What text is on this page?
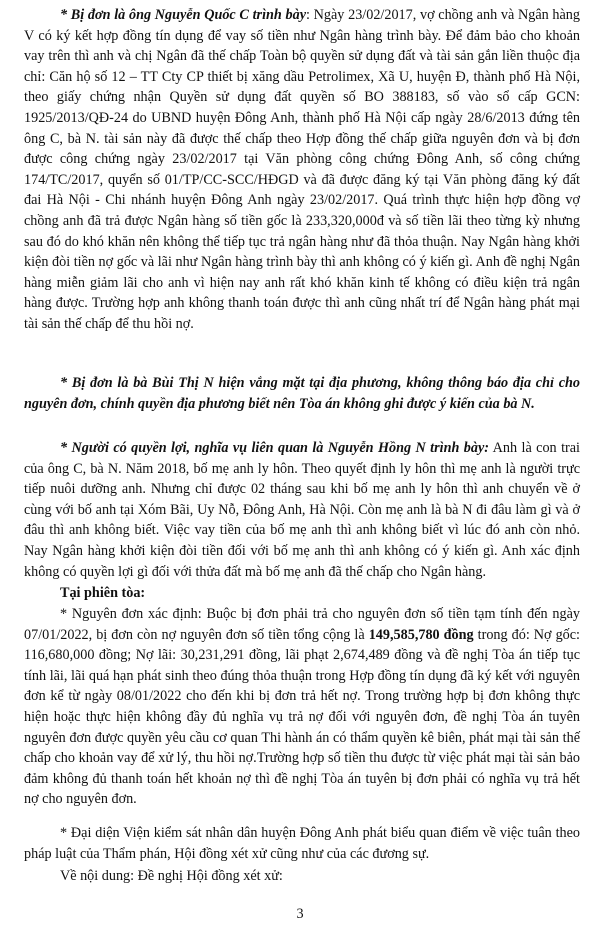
* Bị đơn là ông Nguyễn Quốc C trình bày: Ngày 23/02/2017, vợ chồng anh và Ngân hàng V có ký kết hợp đồng tín dụng để vay số tiền như Ngân hàng trình bày. Để đảm bảo cho khoản vay trên thì anh và chị Ngân đã thế chấp Toàn bộ quyền sử dụng đất và tài sản gắn liền thuộc địa chỉ: Căn hộ số 12 – TT Cty CP thiết bị xăng dầu Petrolimex, Xã U, huyện Đ, thành phố Hà Nội, theo giấy chứng nhận Quyền sử dụng đất quyền số BO 388183, số vào sổ cấp GCN: 1925/2013/QĐ-24 do UBND huyện Đông Anh, thành phố Hà Nội cấp ngày 28/6/2013 đứng tên ông C, bà N. tài sản này đã được thế chấp theo Hợp đồng thế chấp giữa nguyên đơn và bị đơn được công chứng ngày 23/02/2017 tại Văn phòng công chứng Đông Anh, số công chứng 174/TC/2017, quyển số 01/TP/CC-SCC/HĐGD và đã được đăng ký tại Văn phòng đăng ký đất đai Hà Nội - Chi nhánh huyện Đông Anh ngày 23/02/2017. Quá trình thực hiện hợp đồng vợ chồng anh đã trả được Ngân hàng số tiền gốc là 233,320,000đ và số tiền lãi theo từng kỳ nhưng sau đó do khó khăn nên không thể tiếp tục trả ngân hàng như đã thỏa thuận. Nay Ngân hàng khởi kiện đòi tiền nợ gốc và lãi như Ngân hàng trình bày thì anh không có ý kiến gì. Anh đề nghị Ngân hàng miễn giảm lãi cho anh vì hiện nay anh rất khó khăn kinh tế không có điều kiện trả ngân hàng được. Trường hợp anh không thanh toán được thì anh cũng nhất trí để Ngân hàng phát mại tài sản thế chấp để thu hồi nợ.

* Bị đơn là bà Bùi Thị N hiện vắng mặt tại địa phương, không thông báo địa chỉ cho nguyên đơn, chính quyền địa phương biết nên Tòa án không ghi được ý kiến của bà N.

* Người có quyền lợi, nghĩa vụ liên quan là Nguyễn Hồng N trình bày: Anh là con trai của ông C, bà N. Năm 2018, bố mẹ anh ly hôn. Theo quyết định ly hôn thì mẹ anh là người trực tiếp nuôi dưỡng anh. Nhưng chỉ được 02 tháng sau khi bố mẹ anh ly hôn thì anh chuyển về ở cùng với bố anh tại Xóm Bãi, Uy Nỗ, Đông Anh, Hà Nội. Còn mẹ anh là bà N đi đâu làm gì và ở đâu thì anh không biết. Việc vay tiền của bố mẹ anh thì anh không biết vì lúc đó anh còn nhỏ. Nay Ngân hàng khởi kiện đòi tiền đối với bố mẹ anh thì anh không có ý kiến gì. Anh xác định không có quyền lợi gì đối với thửa đất mà bố mẹ anh đã thế chấp cho Ngân hàng.

Tại phiên tòa:

* Nguyên đơn xác định: Buộc bị đơn phải trả cho nguyên đơn số tiền tạm tính đến ngày 07/01/2022, bị đơn còn nợ nguyên đơn số tiền tổng cộng là 149,585,780 đồng trong đó: Nợ gốc: 116,680,000 đồng; Nợ lãi: 30,231,291 đồng, lãi phạt 2,674,489 đồng và đề nghị Tòa án tiếp tục tính lãi, lãi quá hạn phát sinh theo đúng thỏa thuận trong Hợp đồng tín dụng đã ký kết với nguyên đơn kể từ ngày 08/01/2022 cho đến khi bị đơn trả hết nợ. Trong trường hợp bị đơn không thực hiện hoặc thực hiện không đầy đủ nghĩa vụ trả nợ đối với nguyên đơn, đề nghị Tòa án tuyên nguyên đơn được quyền yêu cầu cơ quan Thi hành án có thẩm quyền kê biên, phát mại tài sản thế chấp cho khoản vay để xử lý, thu hồi nợ.Trường hợp số tiền thu được từ việc phát mại tài sản bảo đảm không đủ thanh toán hết khoản nợ thì đề nghị Tòa án tuyên bị đơn phải có nghĩa vụ trả hết nợ cho nguyên đơn.

* Đại diện Viện kiểm sát nhân dân huyện Đông Anh phát biểu quan điểm về việc tuân theo pháp luật của Thẩm phán, Hội đồng xét xử cũng như của các đương sự.

Về nội dung: Đề nghị Hội đồng xét xử:

3
